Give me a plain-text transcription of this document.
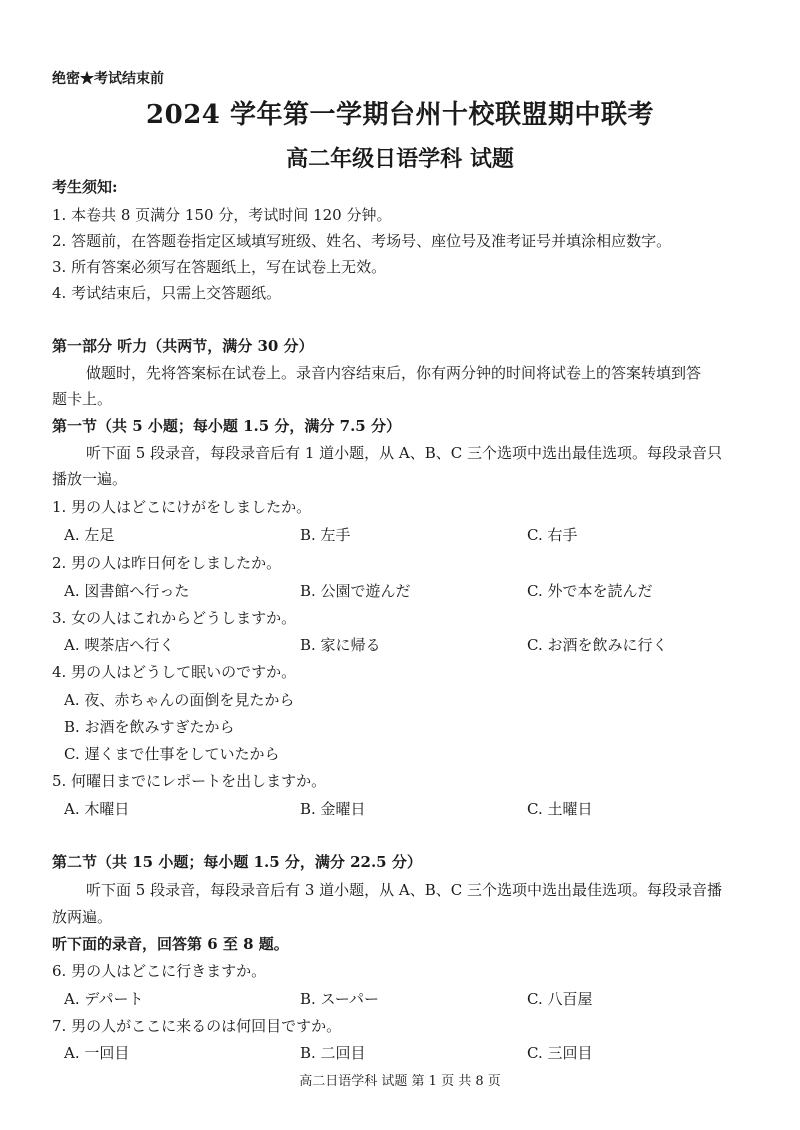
绝密★考试结束前
2024 学年第一学期台州十校联盟期中联考
高二年级日语学科 试题
考生须知:
1. 本卷共 8 页满分 150 分，考试时间 120 分钟。
2. 答题前，在答题卷指定区域填写班级、姓名、考场号、座位号及准考证号并填涂相应数字。
3. 所有答案必须写在答题纸上，写在试卷上无效。
4. 考试结束后，只需上交答题纸。
第一部分 听力（共两节，满分 30 分）
做题时，先将答案标在试卷上。录音内容结束后，你有两分钟的时间将试卷上的答案转填到答
题卡上。
第一节（共 5 小题；每小题 1.5 分，满分 7.5 分）
听下面 5 段录音，每段录音后有 1 道小题，从 A、B、C 三个选项中选出最佳选项。每段录音只
播放一遍。
1. 男の人はどこにけがをしましたか。
A. 左足	B. 左手	C. 右手
2. 男の人は昨日何をしましたか。
A. 図書館へ行った	B. 公園で遊んだ	C. 外で本を読んだ
3. 女の人はこれからどうしますか。
A. 喫茶店へ行く	B. 家に帰る	C. お酒を飲みに行く
4. 男の人はどうして眠いのですか。
A. 夜、赤ちゃんの面倒を見たから
B. お酒を飲みすぎたから
C. 遅くまで仕事をしていたから
5. 何曜日までにレポートを出しますか。
A. 木曜日	B. 金曜日	C. 土曜日
第二节（共 15 小题；每小题 1.5 分，满分 22.5 分）
听下面 5 段录音，每段录音后有 3 道小题，从 A、B、C 三个选项中选出最佳选项。每段录音播
放两遍。
听下面的录音，回答第 6 至 8 题。
6. 男の人はどこに行きますか。
A. デパート	B. スーパー	C. 八百屋
7. 男の人がここに来るのは何回目ですか。
A. 一回目	B. 二回目	C. 三回目
高二日语学科 试题 第 1 页 共 8 页
